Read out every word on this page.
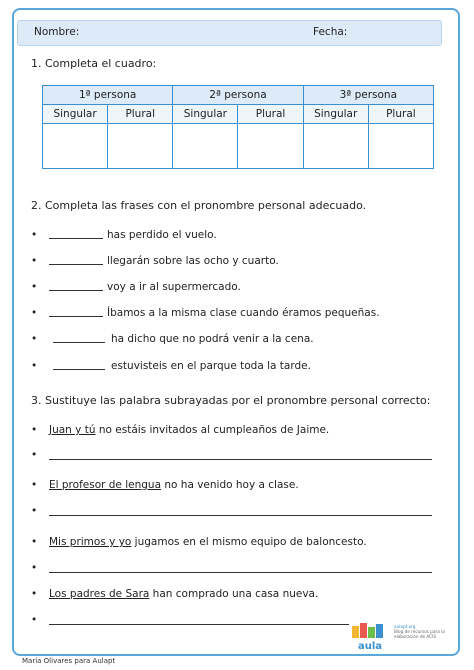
Nombre:	Fecha:
1. Completa el cuadro:
1ª persona		2ª persona		3ª persona	
Singular	Plural	Singular	Plural	Singular	Plural

2. Completa las frases con el pronombre personal adecuado.
•	has perdido el vuelo.
•	llegarán sobre las ocho y cuarto.
•	voy a ir al supermercado.
•	Íbamos a la misma clase cuando éramos pequeñas.
•	ha dicho que no podrá venir a la cena.
•	estuvisteis en el parque toda la tarde.
3. Sustituye las palabra subrayadas por el pronombre personal correcto:
• Juan y tú no estáis invitados al cumpleaños de Jaime.
•
• El profesor de lengua no ha venido hoy a clase.
•
• Mis primos y yo jugamos en el mismo equipo de baloncesto.
•
• Los padres de Sara han comprado una casa nueva.
•
aula
aulapt.org
Blog de recursos para la elaboración de ACIS
María Olivares para Aulapt
